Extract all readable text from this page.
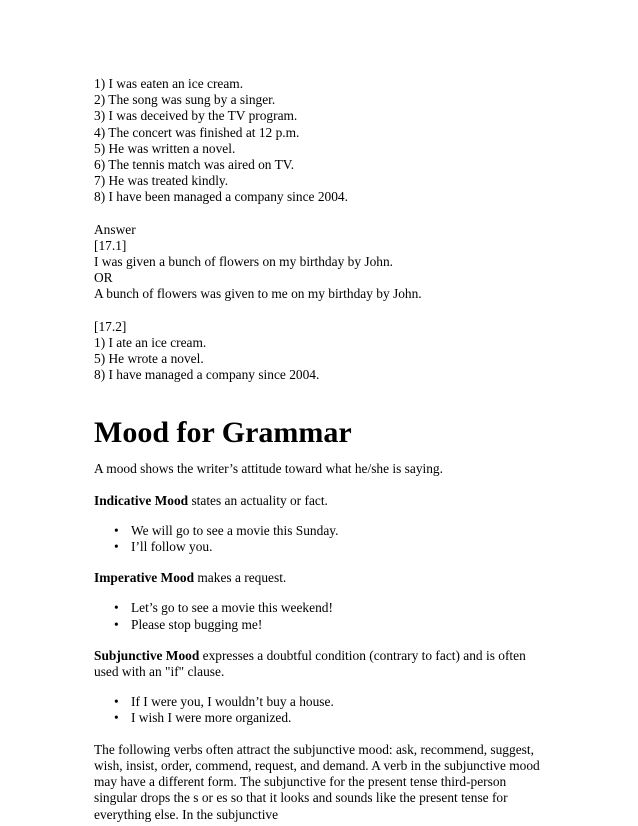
1) I was eaten an ice cream.
2) The song was sung by a singer.
3) I was deceived by the TV program.
4) The concert was finished at 12 p.m.
5) He was written a novel.
6) The tennis match was aired on TV.
7) He was treated kindly.
8) I have been managed a company since 2004.
Answer
[17.1]
I was given a bunch of flowers on my birthday by John.
OR
A bunch of flowers was given to me on my birthday by John.
[17.2]
1) I ate an ice cream.
5) He wrote a novel.
8) I have managed a company since 2004.
Mood for Grammar
A mood shows the writer’s attitude toward what he/she is saying.
Indicative Mood states an actuality or fact.
• We will go to see a movie this Sunday.
• I’ll follow you.
Imperative Mood makes a request.
• Let’s go to see a movie this weekend!
• Please stop bugging me!
Subjunctive Mood expresses a doubtful condition (contrary to fact) and is often used with an "if" clause.
• If I were you, I wouldn’t buy a house.
• I wish I were more organized.
The following verbs often attract the subjunctive mood: ask, recommend, suggest, wish, insist, order, commend, request, and demand. A verb in the subjunctive mood may have a different form. The subjunctive for the present tense third-person singular drops the s or es so that it looks and sounds like the present tense for everything else. In the subjunctive
